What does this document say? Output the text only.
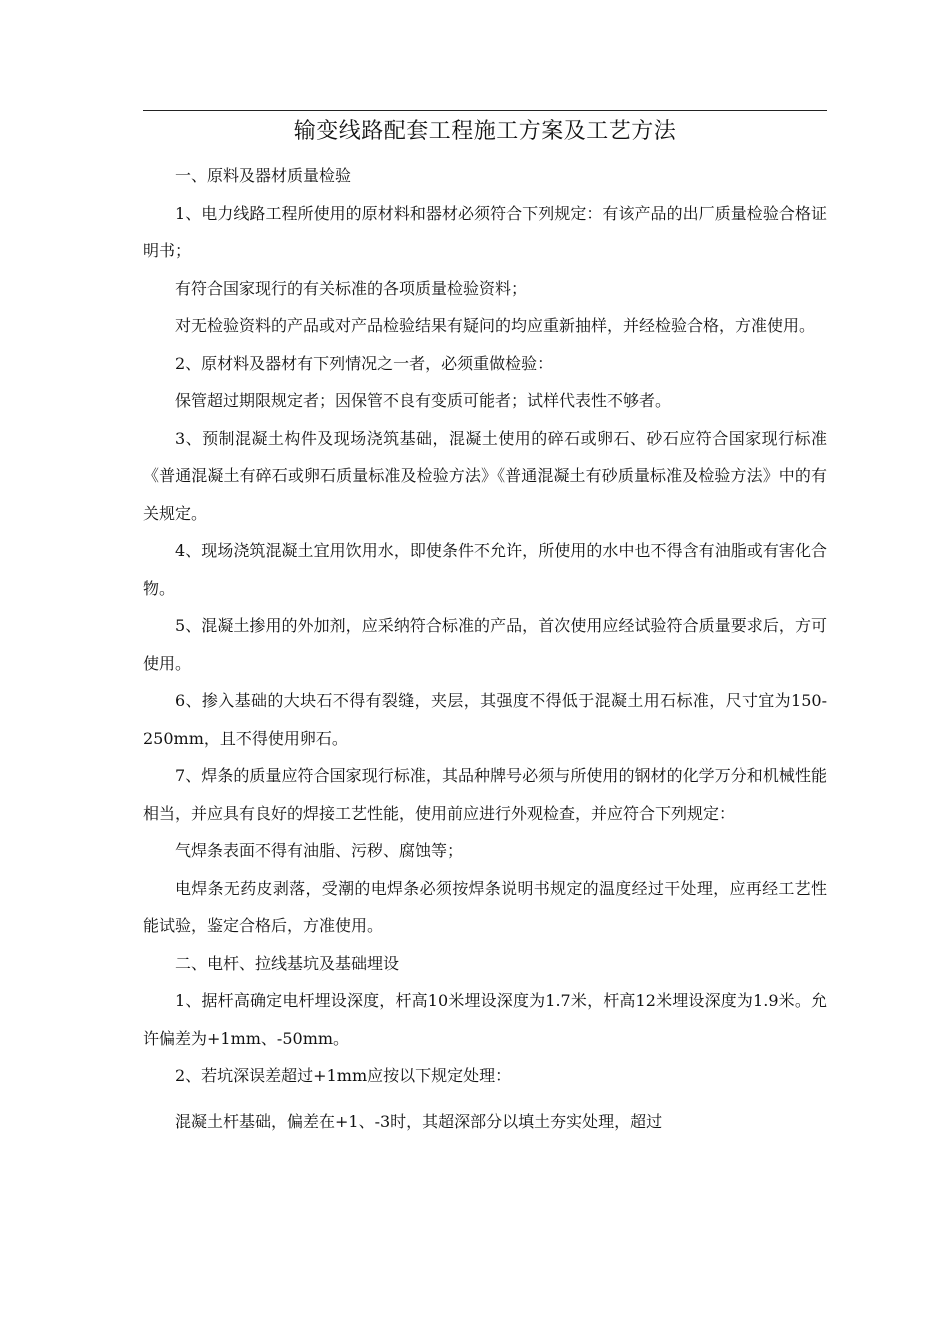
输变线路配套工程施工方案及工艺方法

一、原料及器材质量检验

1、电力线路工程所使用的原材料和器材必须符合下列规定：有该产品的出厂质量检验合格证明书；

有符合国家现行的有关标准的各项质量检验资料；

对无检验资料的产品或对产品检验结果有疑问的均应重新抽样，并经检验合格，方准使用。

2、原材料及器材有下列情况之一者，必须重做检验：

保管超过期限规定者；因保管不良有变质可能者；试样代表性不够者。

3、预制混凝土构件及现场浇筑基础，混凝土使用的碎石或卵石、砂石应符合国家现行标准《普通混凝土有碎石或卵石质量标准及检验方法》《普通混凝土有砂质量标准及检验方法》中的有关规定。

4、现场浇筑混凝土宜用饮用水，即使条件不允许，所使用的水中也不得含有油脂或有害化合物。

5、混凝土掺用的外加剂，应采纳符合标准的产品，首次使用应经试验符合质量要求后，方可使用。

6、掺入基础的大块石不得有裂缝，夹层，其强度不得低于混凝土用石标准，尺寸宜为150-250mm，且不得使用卵石。

7、焊条的质量应符合国家现行标准，其品种牌号必须与所使用的钢材的化学万分和机械性能相当，并应具有良好的焊接工艺性能，使用前应进行外观检查，并应符合下列规定：

气焊条表面不得有油脂、污秽、腐蚀等；

电焊条无药皮剥落，受潮的电焊条必须按焊条说明书规定的温度经过干处理，应再经工艺性能试验，鉴定合格后，方准使用。

二、电杆、拉线基坑及基础埋设

1、据杆高确定电杆埋设深度，杆高10米埋设深度为1.7米，杆高12米埋设深度为1.9米。允许偏差为+1mm、-50mm。

2、若坑深误差超过+1mm应按以下规定处理：

混凝土杆基础，偏差在+1、-3时，其超深部分以填土夯实处理，超过
